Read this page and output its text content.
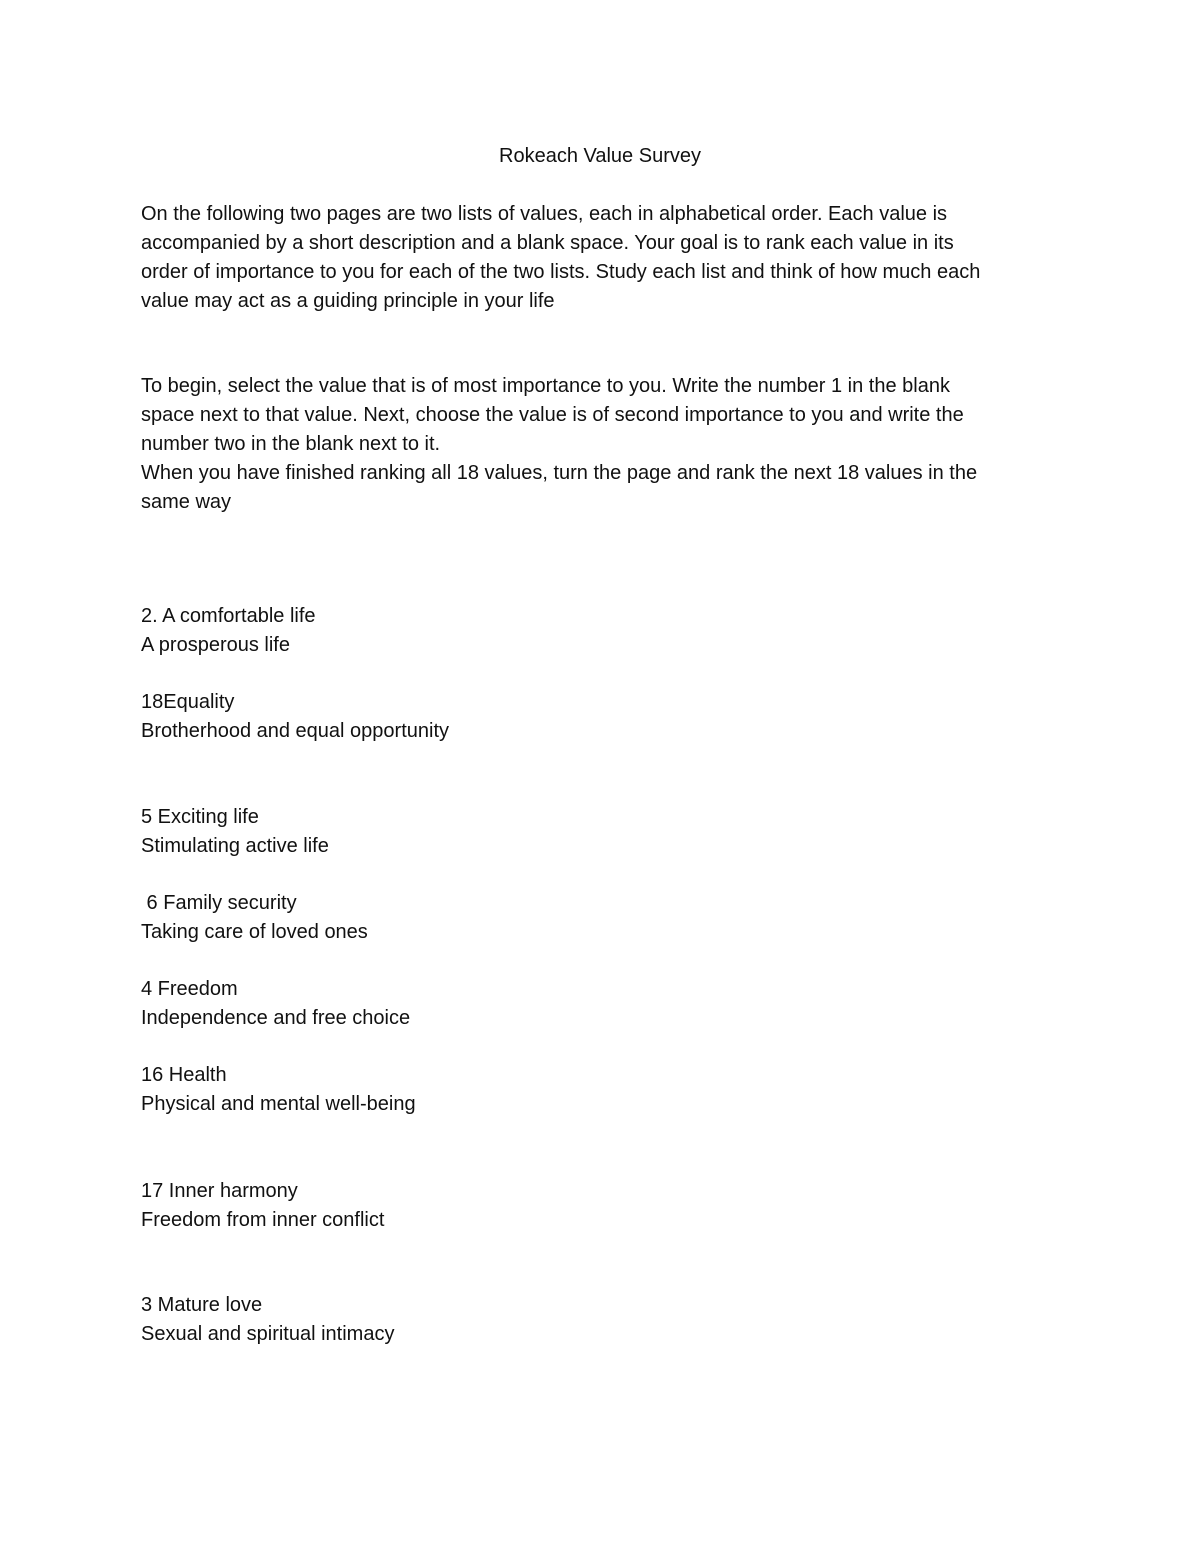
Rokeach Value Survey

On the following two pages are two lists of values, each in alphabetical order. Each value is
accompanied by a short description and a blank space. Your goal is to rank each value in its
order of importance to you for each of the two lists. Study each list and think of how much each
value may act as a guiding principle in your life

To begin, select the value that is of most importance to you. Write the number 1 in the blank
space next to that value. Next, choose the value is of second importance to you and write the
number two in the blank next to it.
When you have finished ranking all 18 values, turn the page and rank the next 18 values in the
same way

2. A comfortable life
A prosperous life
18Equality
Brotherhood and equal opportunity
5 Exciting life
Stimulating active life
6 Family security
Taking care of loved ones
4 Freedom
Independence and free choice
16 Health
Physical and mental well-being
17 Inner harmony
Freedom from inner conflict
3 Mature love
Sexual and spiritual intimacy
